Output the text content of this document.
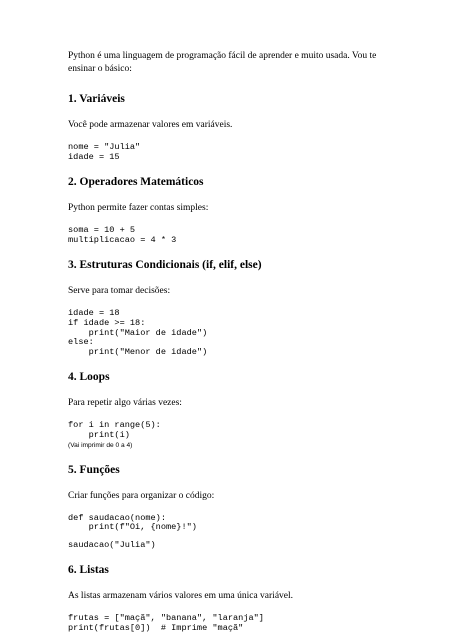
Python é uma linguagem de programação fácil de aprender e muito usada. Vou te ensinar o básico:

1. Variáveis

Você pode armazenar valores em variáveis.

nome = "Julia"
idade = 15
2. Operadores Matemáticos

Python permite fazer contas simples:

soma = 10 + 5
multiplicacao = 4 * 3
3. Estruturas Condicionais (if, elif, else)

Serve para tomar decisões:

idade = 18
if idade >= 18:
print("Maior de idade")
else:
print("Menor de idade")
4. Loops

Para repetir algo várias vezes:

for i in range(5):
print(i)
(Vai imprimir de 0 a 4)
5. Funções

Criar funções para organizar o código:

def saudacao(nome):
print(f"Oi, {nome}!")
saudacao("Julia")
6. Listas

As listas armazenam vários valores em uma única variável.

frutas = ["maçã", "banana", "laranja"]
print(frutas[0])  # Imprime "maçã"
